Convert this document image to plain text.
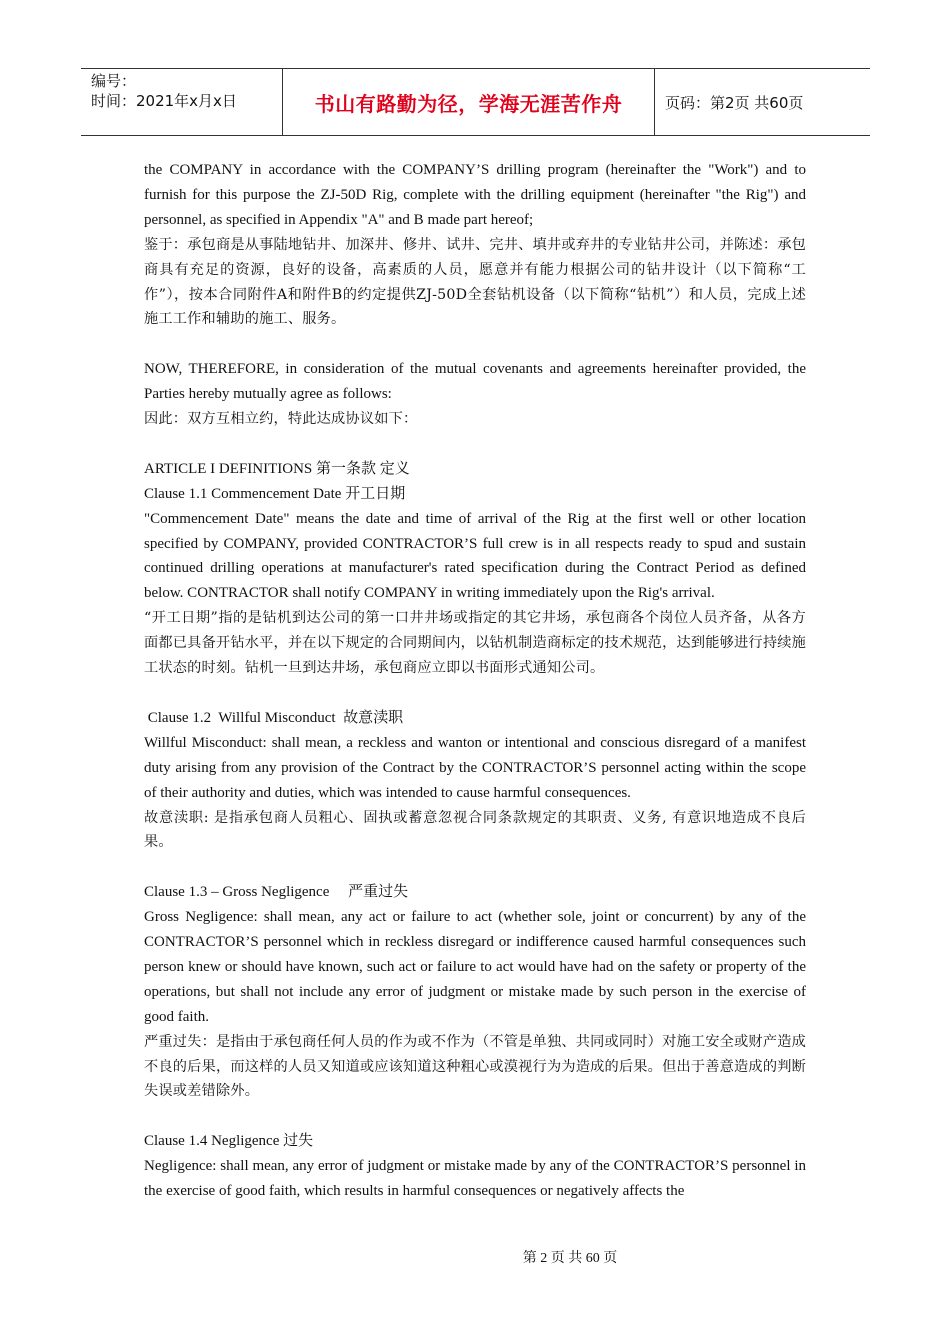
编号：
时间：2021年x月x日	书山有路勤为径，学海无涯苦作舟	页码：第2页 共60页

the COMPANY in accordance with the COMPANY’S drilling program (hereinafter the "Work") and to furnish for this purpose the ZJ-50D Rig, complete with the drilling equipment (hereinafter "the Rig") and personnel, as specified in Appendix "A" and B made part hereof;

鉴于：承包商是从事陆地钻井、加深井、修井、试井、完井、填井或弃井的专业钻井公司，并陈述：承包商具有充足的资源，良好的设备，高素质的人员，愿意并有能力根据公司的钻井设计（以下简称“工作”），按本合同附件A和附件B的约定提供ZJ-50D全套钻机设备（以下简称“钻机”）和人员，完成上述施工工作和辅助的施工、服务。

NOW, THEREFORE, in consideration of the mutual covenants and agreements hereinafter provided, the Parties hereby mutually agree as follows:

因此：双方互相立约，特此达成协议如下：

ARTICLE I DEFINITIONS 第一条款 定义

Clause 1.1 Commencement Date 开工日期

"Commencement Date" means the date and time of arrival of the Rig at the first well or other location specified by COMPANY, provided CONTRACTOR’S full crew is in all respects ready to spud and sustain continued drilling operations at manufacturer's rated specification during the Contract Period as defined below. CONTRACTOR shall notify COMPANY in writing immediately upon the Rig's arrival.

“开工日期”指的是钻机到达公司的第一口井井场或指定的其它井场，承包商各个岗位人员齐备，从各方面都已具备开钻水平，并在以下规定的合同期间内，以钻机制造商标定的技术规范，达到能够进行持续施工状态的时刻。钻机一旦到达井场，承包商应立即以书面形式通知公司。

Clause 1.2  Willful Misconduct  故意渎职

Willful Misconduct: shall mean, a reckless and wanton or intentional and conscious disregard of a manifest duty arising from any provision of the Contract by the CONTRACTOR’S personnel acting within the scope of their authority and duties, which was intended to cause harmful consequences.

故意渎职: 是指承包商人员粗心、固执或蓄意忽视合同条款规定的其职责、义务, 有意识地造成不良后果。

Clause 1.3 – Gross Negligence     严重过失

Gross Negligence: shall mean, any act or failure to act (whether sole, joint or concurrent) by any of the CONTRACTOR’S personnel which in reckless disregard or indifference caused harmful consequences such person knew or should have known, such act or failure to act would have had on the safety or property of the operations, but shall not include any error of judgment or mistake made by such person in the exercise of good faith.

严重过失：是指由于承包商任何人员的作为或不作为（不管是单独、共同或同时）对施工安全或财产造成不良的后果，而这样的人员又知道或应该知道这种粗心或漠视行为为造成的后果。但出于善意造成的判断失误或差错除外。

Clause 1.4 Negligence 过失

Negligence: shall mean, any error of judgment or mistake made by any of the CONTRACTOR’S personnel in the exercise of good faith, which results in harmful consequences or negatively affects the

第 2 页 共 60 页
